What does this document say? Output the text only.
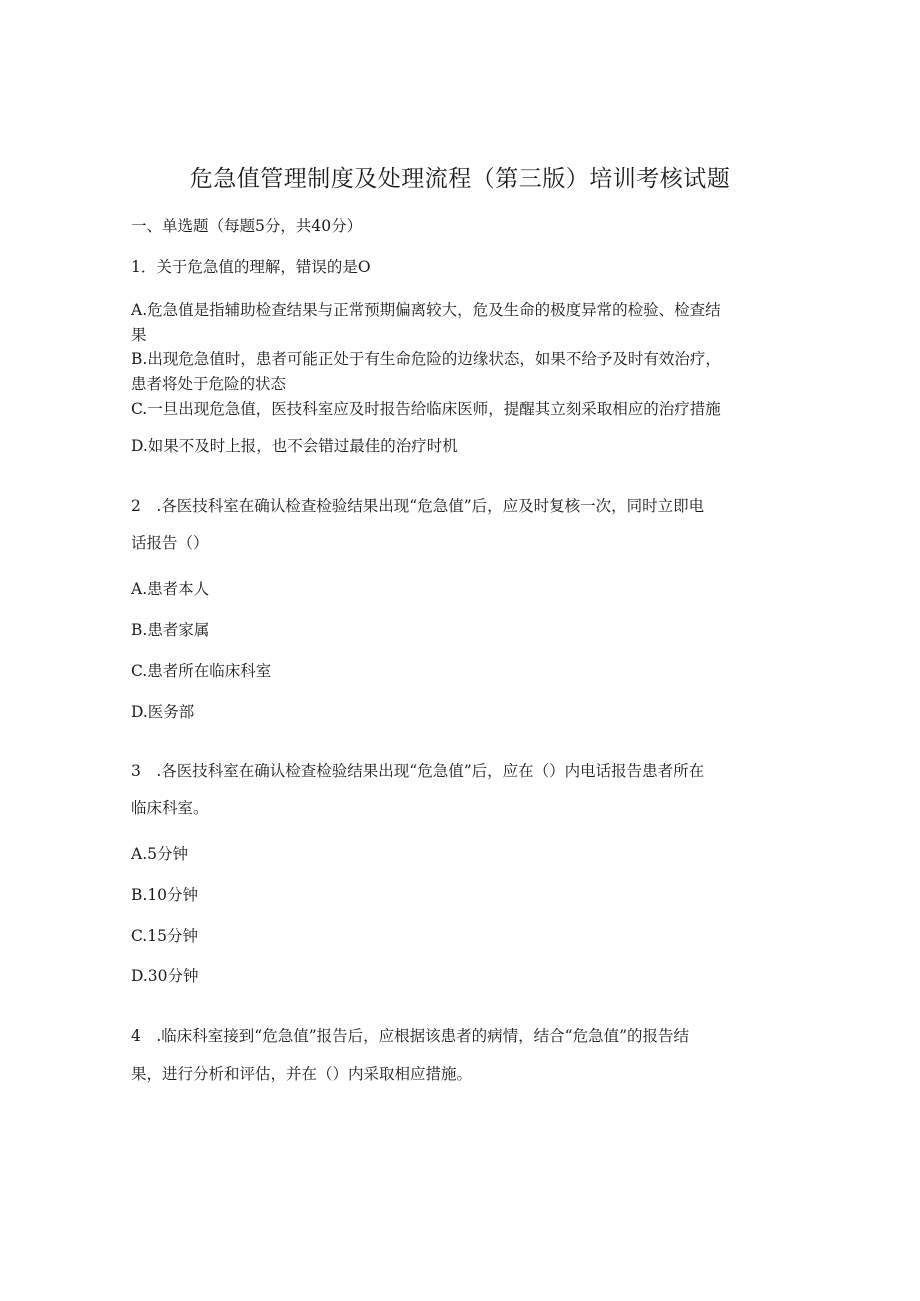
危急值管理制度及处理流程（第三版）培训考核试题
一、单选题（每题5分，共40分）
1．关于危急值的理解，错误的是O
A.危急值是指辅助检查结果与正常预期偏离较大，危及生命的极度异常的检验、检查结
果
B.出现危急值时，患者可能正处于有生命危险的边缘状态，如果不给予及时有效治疗，
患者将处于危险的状态
C.一旦出现危急值，医技科室应及时报告给临床医师，提醒其立刻采取相应的治疗措施
D.如果不及时上报，也不会错过最佳的治疗时机
2　.各医技科室在确认检查检验结果出现“危急值”后，应及时复核一次，同时立即电
话报告（）
A.患者本人
B.患者家属
C.患者所在临床科室
D.医务部
3　.各医技科室在确认检查检验结果出现“危急值”后，应在（）内电话报告患者所在
临床科室。
A.5分钟
B.10分钟
C.15分钟
D.30分钟
4　.临床科室接到“危急值”报告后，应根据该患者的病情，结合“危急值”的报告结
果，进行分析和评估，并在（）内采取相应措施。
